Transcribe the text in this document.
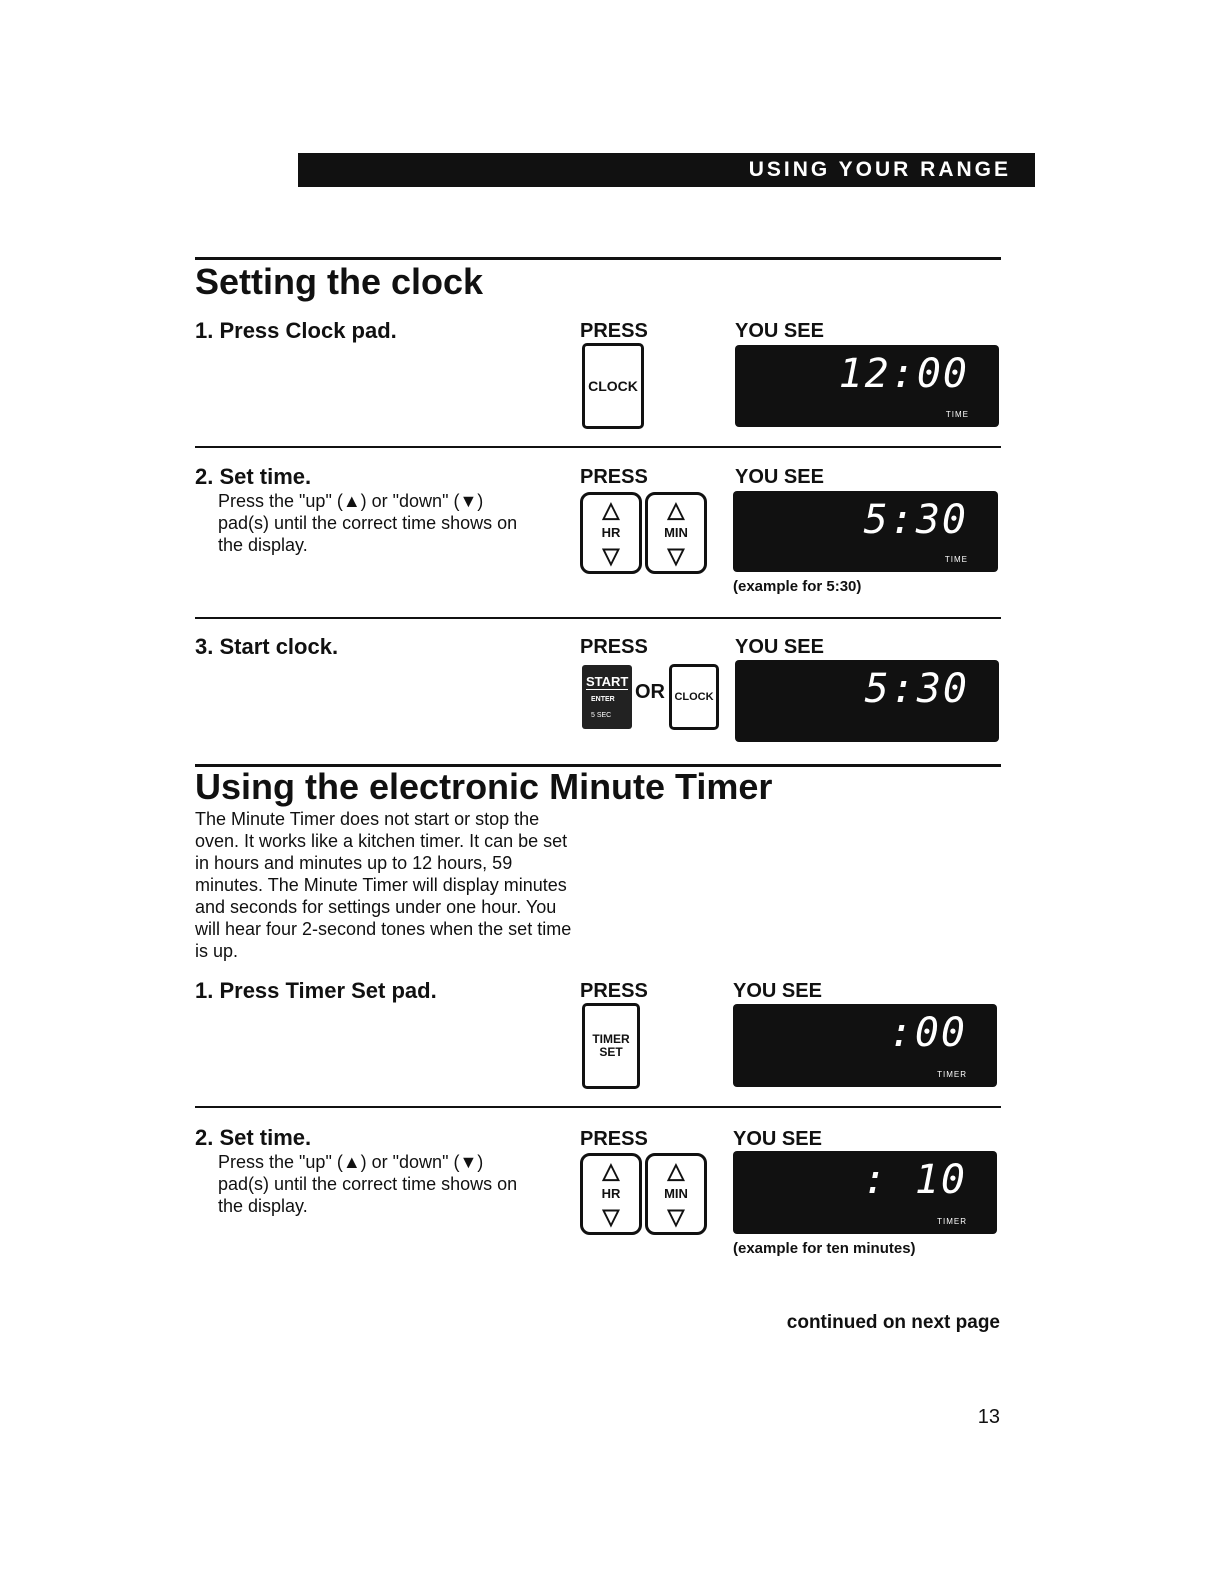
USING YOUR RANGE
Setting the clock
1. Press Clock pad.	PRESS	YOU SEE
CLOCK	12:00
TIME
2. Set time.
Press the "up" (▲) or "down" (▼) pad(s) until the correct time shows on the display.
PRESS	YOU SEE
△
HR
▽
△
MIN
▽
5:30
TIME
(example for 5:30)
3. Start clock.	PRESS	YOU SEE
START
ENTER
5 SEC
OR CLOCK	5:30
Using the electronic Minute Timer
The Minute Timer does not start or stop the oven. It works like a kitchen timer. It can be set in hours and minutes up to 12 hours, 59 minutes. The Minute Timer will display minutes and seconds for settings under one hour. You will hear four 2-second tones when the set time is up.
1. Press Timer Set pad.	PRESS	YOU SEE
TIMER
SET	:00
TIMER
2. Set time.
Press the "up" (▲) or "down" (▼) pad(s) until the correct time shows on the display.
PRESS	YOU SEE
△
HR
▽
△
MIN
▽
: 10
TIMER
(example for ten minutes)
continued on next page
13
